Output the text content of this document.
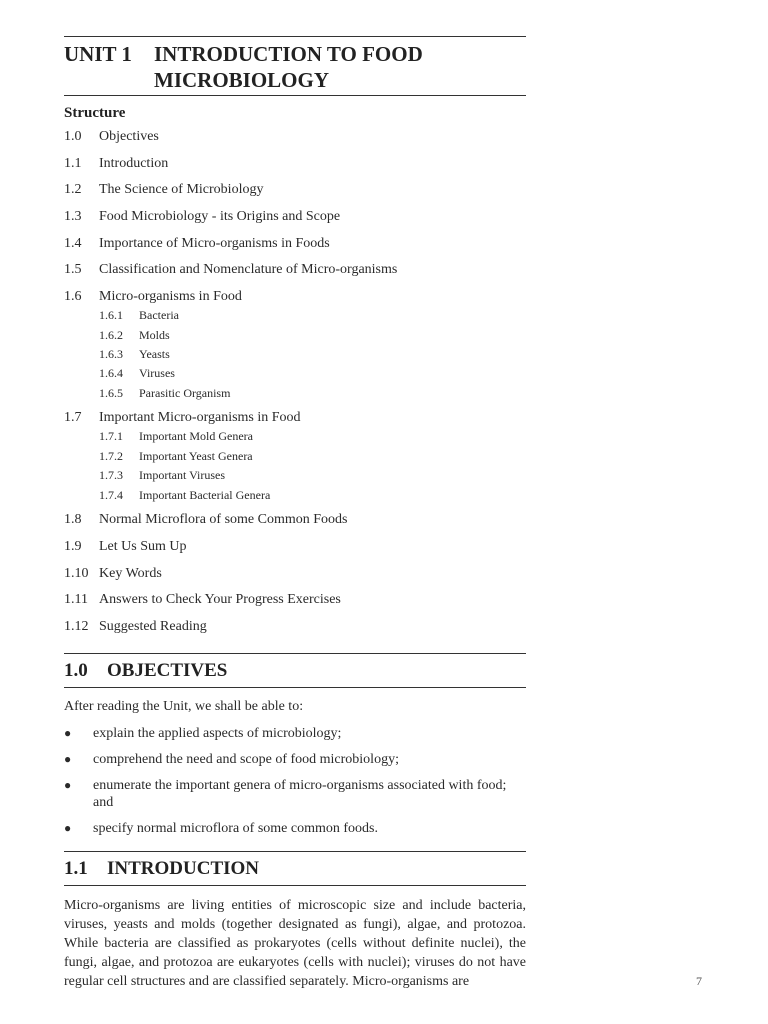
UNIT 1	INTRODUCTION TO FOOD MICROBIOLOGY
Structure
1.0	Objectives
1.1	Introduction
1.2	The Science of Microbiology
1.3	Food Microbiology - its Origins and Scope
1.4	Importance of Micro-organisms in Foods
1.5	Classification and Nomenclature of Micro-organisms
1.6	Micro-organisms in Food
1.6.1	Bacteria
1.6.2	Molds
1.6.3	Yeasts
1.6.4	Viruses
1.6.5	Parasitic Organism
1.7	Important Micro-organisms in Food
1.7.1	Important Mold Genera
1.7.2	Important Yeast Genera
1.7.3	Important Viruses
1.7.4	Important Bacterial Genera
1.8	Normal Microflora of some Common Foods
1.9	Let Us Sum Up
1.10 Key Words
1.11 Answers to Check Your Progress Exercises
1.12 Suggested Reading
1.0	OBJECTIVES

After reading the Unit, we shall be able to:

●	explain the applied aspects of microbiology;
●	comprehend the need and scope of food microbiology;
●	enumerate the important genera of micro-organisms associated with food; and
●	specify normal microflora of some common foods.
1.1	INTRODUCTION
Micro-organisms are living entities of microscopic size and include bacteria, viruses, yeasts and molds (together designated as fungi), algae, and protozoa. While bacteria are classified as prokaryotes (cells without definite nuclei), the fungi, algae, and protozoa are eukaryotes (cells with nuclei); viruses do not have regular cell structures and are classified separately. Micro-organisms are	7
